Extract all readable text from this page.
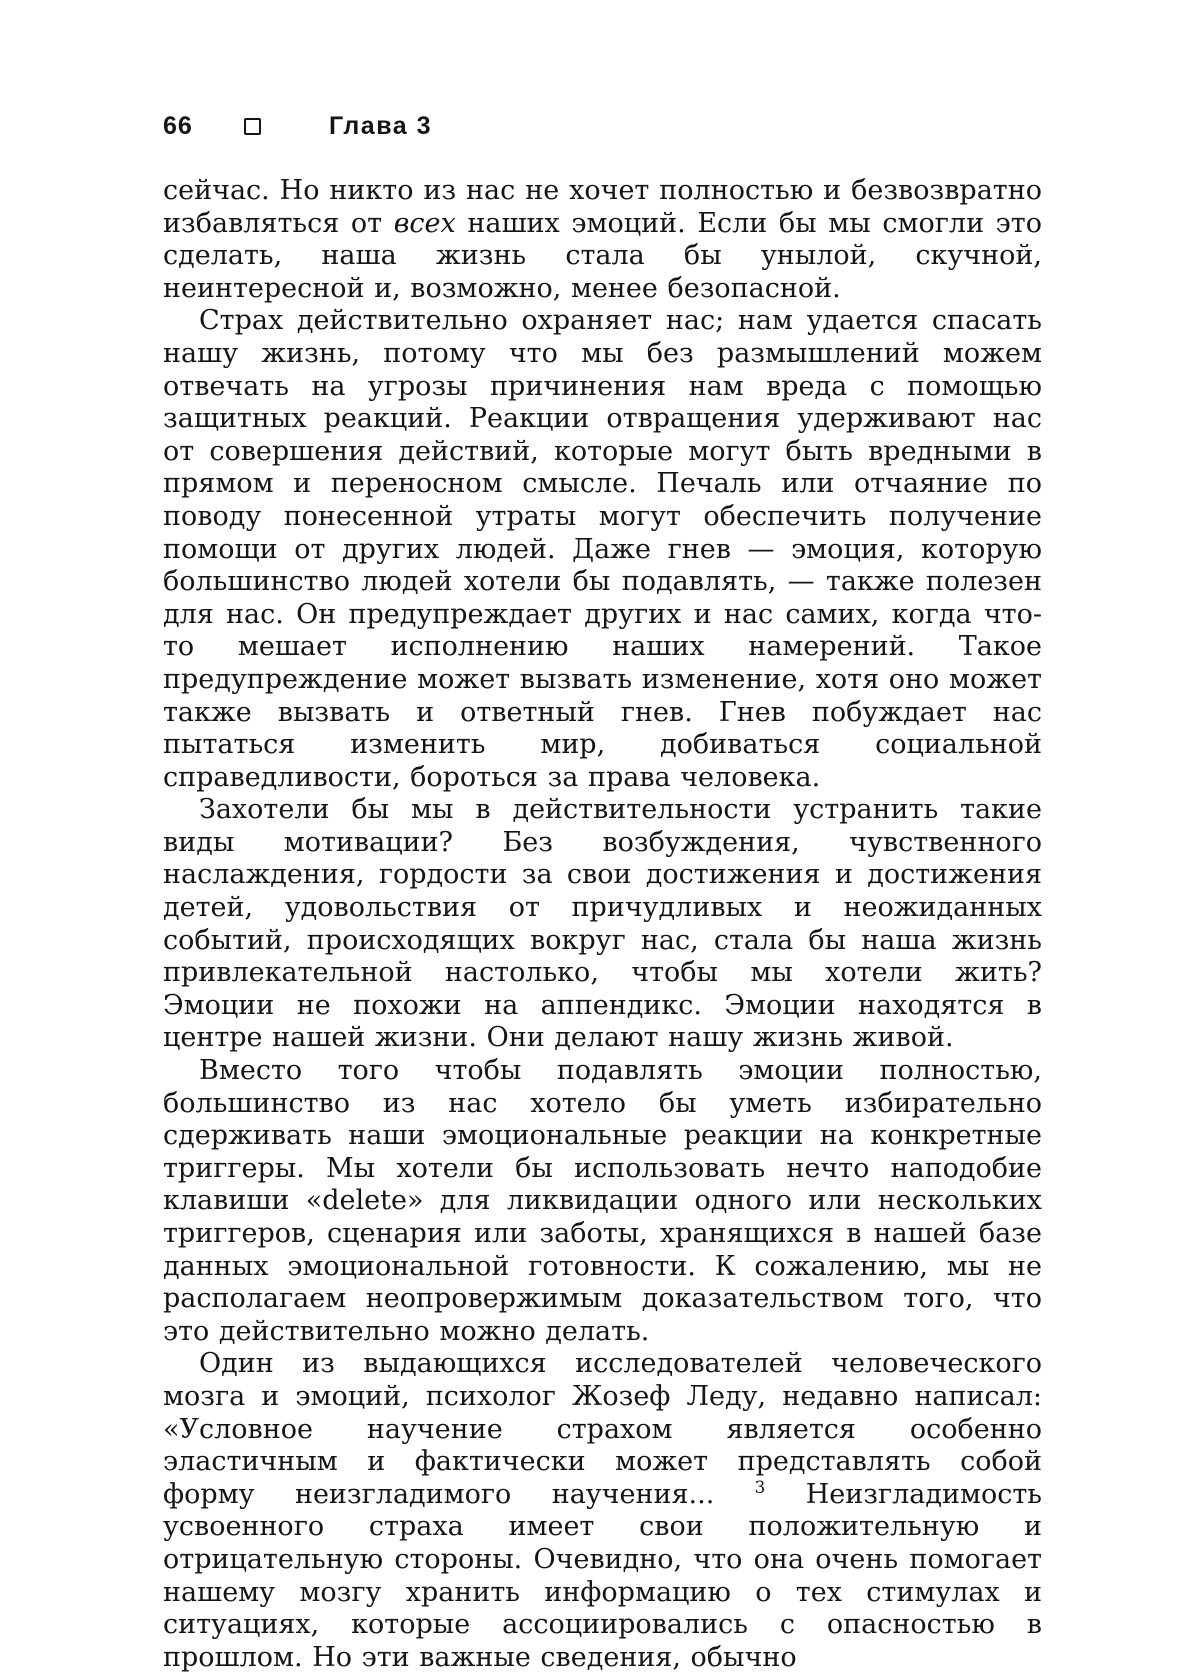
66	Глава 3

сейчас. Но никто из нас не хочет полностью и безвозвратно избавляться от всех наших эмоций. Если бы мы смогли это сделать, наша жизнь стала бы унылой, скучной, неинтересной и, возможно, менее безопасной.

Страх действительно охраняет нас; нам удается спасать нашу жизнь, потому что мы без размышлений можем отвечать на угрозы причинения нам вреда с помощью защитных реакций. Реакции отвращения удерживают нас от совершения действий, которые могут быть вредными в прямом и переносном смысле. Печаль или отчаяние по поводу понесенной утраты могут обеспечить получение помощи от других людей. Даже гнев — эмоция, которую большинство людей хотели бы подавлять, — также полезен для нас. Он предупреждает других и нас самих, когда что-то мешает исполнению наших намерений. Такое предупреждение может вызвать изменение, хотя оно может также вызвать и ответный гнев. Гнев побуждает нас пытаться изменить мир, добиваться социальной справедливости, бороться за права человека.

Захотели бы мы в действительности устранить такие виды мотивации? Без возбуждения, чувственного наслаждения, гордости за свои достижения и достижения детей, удовольствия от причудливых и неожиданных событий, происходящих вокруг нас, стала бы наша жизнь привлекательной настолько, чтобы мы хотели жить? Эмоции не похожи на аппендикс. Эмоции находятся в центре нашей жизни. Они делают нашу жизнь живой.

Вместо того чтобы подавлять эмоции полностью, большинство из нас хотело бы уметь избирательно сдерживать наши эмоциональные реакции на конкретные триггеры. Мы хотели бы использовать нечто наподобие клавиши «delete» для ликвидации одного или нескольких триггеров, сценария или заботы, хранящихся в нашей базе данных эмоциональной готовности. К сожалению, мы не располагаем неопровержимым доказательством того, что это действительно можно делать.

Один из выдающихся исследователей человеческого мозга и эмоций, психолог Жозеф Леду, недавно написал: «Условное научение страхом является особенно эластичным и фактически может представлять собой форму неизгладимого научения... $^3$ Неизгладимость усвоенного страха имеет свои положительную и отрицательную стороны. Очевидно, что она очень помогает нашему мозгу хранить информацию о тех стимулах и ситуациях, которые ассоциировались с опасностью в прошлом. Но эти важные сведения, обычно
